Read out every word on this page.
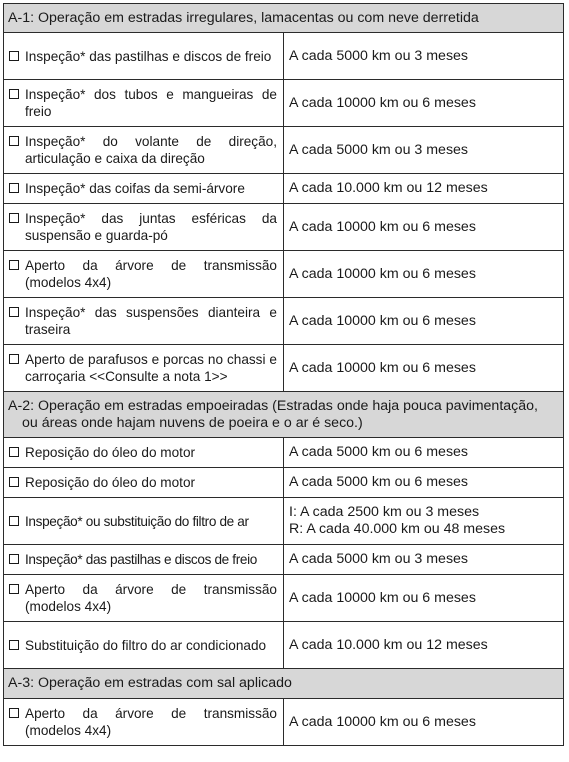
A-1: Operação em estradas irregulares, lamacentas ou com neve derretida	

Inspeção* das pastilhas e discos de freio	A cada 5000 km ou 3 meses

Inspeção* dos tubos e mangueiras de freio	A cada 10000 km ou 6 meses

Inspeção* do volante de direção, articulação e caixa da direção	A cada 5000 km ou 3 meses

Inspeção* das coifas da semi-árvore	A cada 10.000 km ou 12 meses

Inspeção* das juntas esféricas da suspensão e guarda-pó	A cada 10000 km ou 6 meses

Aperto da árvore de transmissão (modelos 4x4)	A cada 10000 km ou 6 meses

Inspeção* das suspensões dianteira e traseira	A cada 10000 km ou 6 meses

Aperto de parafusos e porcas no chassi e carroçaria <<Consulte a nota 1>>	A cada 10000 km ou 6 meses

A-2: Operação em estradas empoeiradas (Estradas onde haja pouca pavimentação,
ou áreas onde hajam nuvens de poeira e o ar é seco.)	

Reposição do óleo do motor	A cada 5000 km ou 6 meses

Reposição do óleo do motor	A cada 5000 km ou 6 meses

Inspeção* ou substituição do filtro de ar	I: A cada 2500 km ou 3 meses
R: A cada 40.000 km ou 48 meses

Inspeção* das pastilhas e discos de freio	A cada 5000 km ou 3 meses

Aperto da árvore de transmissão (modelos 4x4)	A cada 10000 km ou 6 meses

Substituição do filtro do ar condicionado	A cada 10.000 km ou 12 meses
A-3: Operação em estradas com sal aplicado	

Aperto da árvore de transmissão (modelos 4x4)	A cada 10000 km ou 6 meses
